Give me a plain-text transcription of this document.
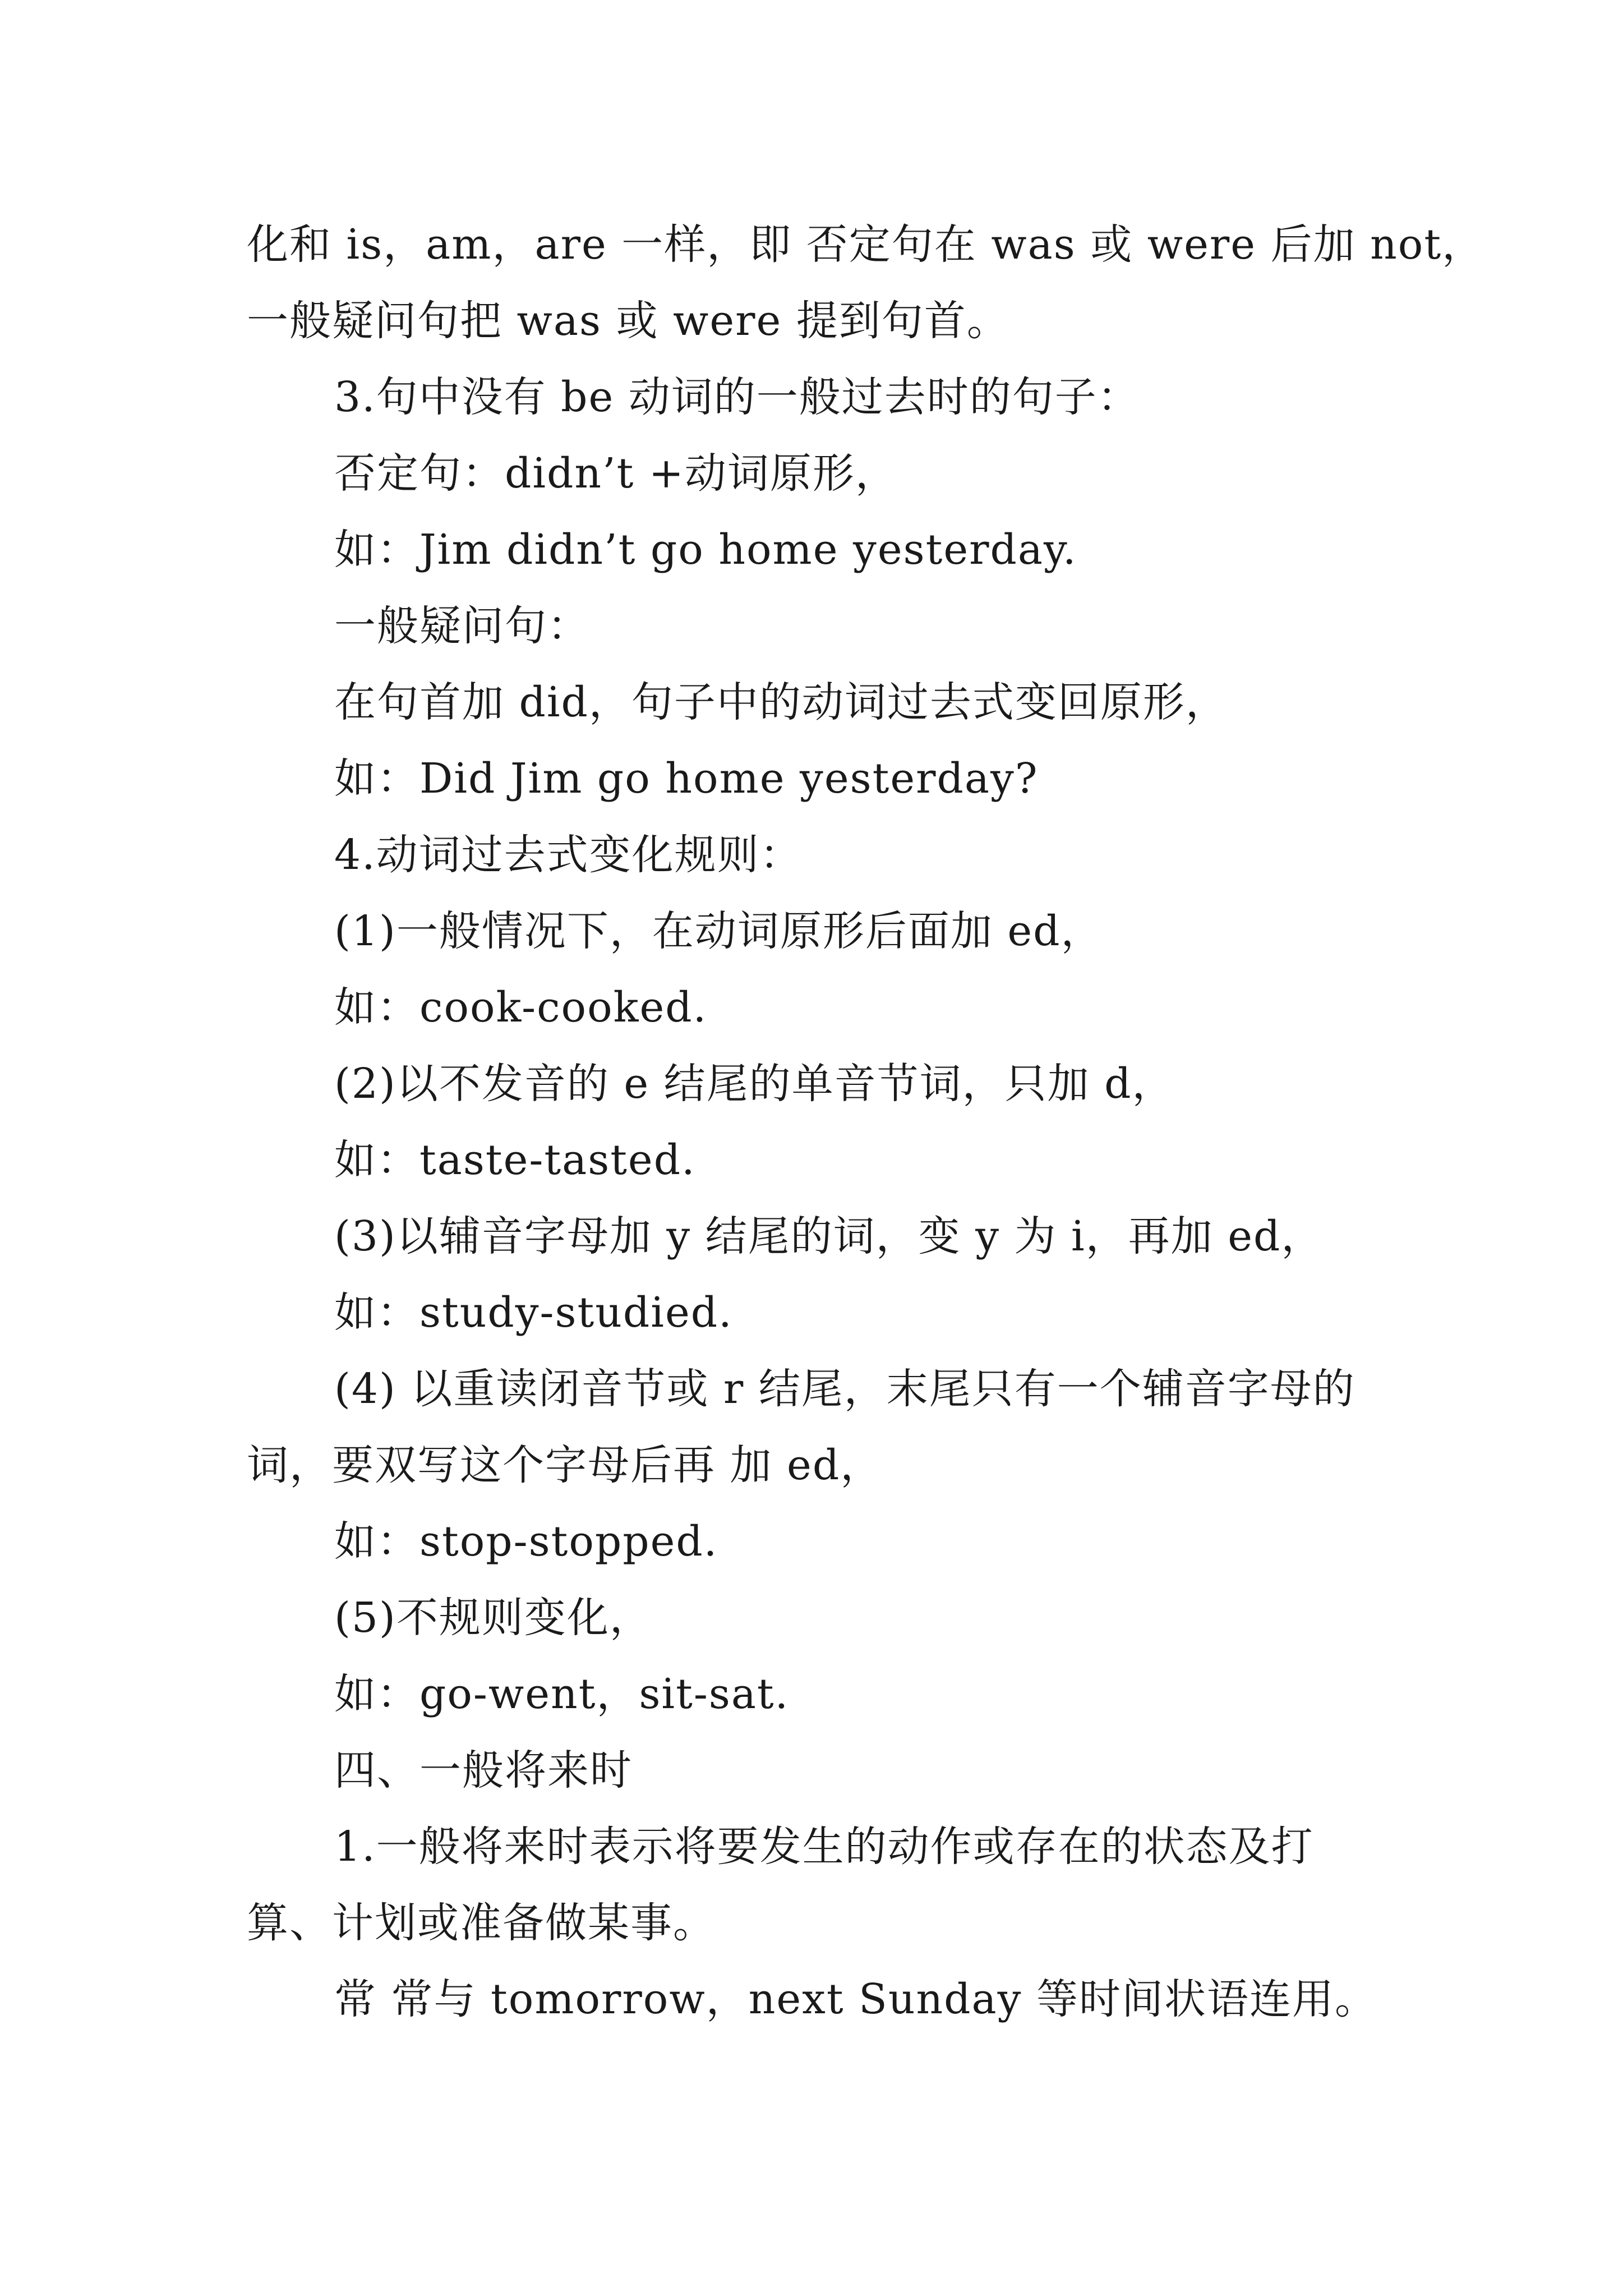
化和 is，am，are 一样，即 否定句在 was 或 were 后加 not，
一般疑问句把 was 或 were 提到句首。
3.句中没有 be 动词的一般过去时的句子：
否定句：didn’t +动词原形，
如：Jim didn’t go home yesterday.
一般疑问句：
在句首加 did，句子中的动词过去式变回原形，
如：Did Jim go home yesterday?
4.动词过去式变化规则：
(1)一般情况下，在动词原形后面加 ed，
如：cook-cooked.
(2)以不发音的 e 结尾的单音节词，只加 d，
如：taste-tasted.
(3)以辅音字母加 y 结尾的词，变 y 为 i，再加 ed，
如：study-studied.
(4) 以重读闭音节或 r 结尾，末尾只有一个辅音字母的
词，要双写这个字母后再 加 ed，
如：stop-stopped.
(5)不规则变化，
如：go-went，sit-sat.
四、一般将来时
1.一般将来时表示将要发生的动作或存在的状态及打
算、计划或准备做某事。
常 常与 tomorrow，next Sunday 等时间状语连用。
